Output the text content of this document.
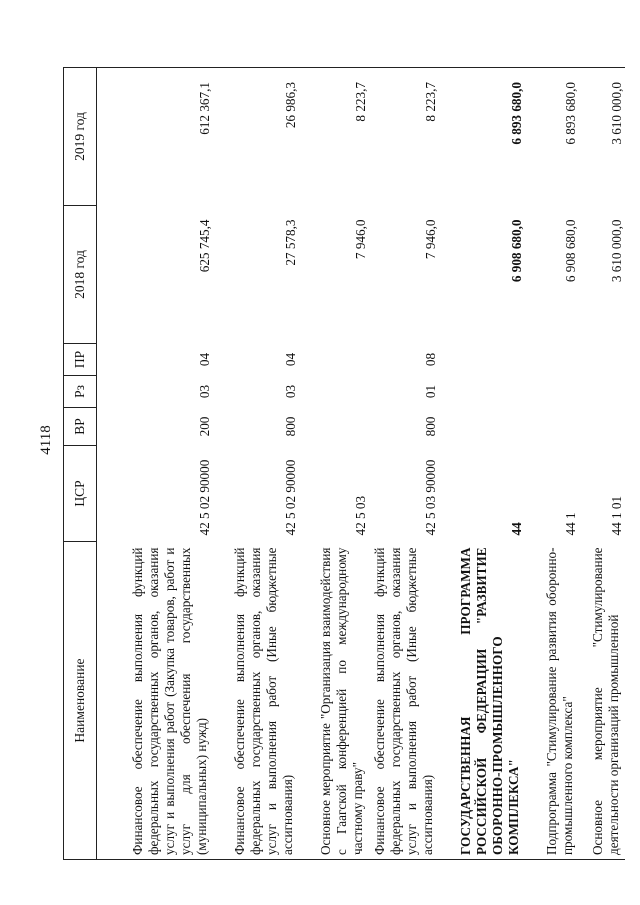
4118
Наименование	ЦСР	ВР	Рз	ПР	2018 год	2019 год
Финансовое обеспечение выполнения функций федеральных государственных органов, оказания услуг и выполнения работ (Закупка товаров, работ и услуг для обеспечения государственных (муниципальных) нужд)	42 5 02 90000	200	03	04	625 745,4	612 367,1
Финансовое обеспечение выполнения функций федеральных государственных органов, оказания услуг и выполнения работ (Иные бюджетные ассигнования)	42 5 02 90000	800	03	04	27 578,3	26 986,3
Основное мероприятие "Организация взаимодействия с Гаагской конференцией по международному частному праву"	42 5 03				7 946,0	8 223,7
Финансовое обеспечение выполнения функций федеральных государственных органов, оказания услуг и выполнения работ (Иные бюджетные ассигнования)	42 5 03 90000	800	01	08	7 946,0	8 223,7
ГОСУДАРСТВЕННАЯ ПРОГРАММА РОССИЙСКОЙ ФЕДЕРАЦИИ "РАЗВИТИЕ ОБОРОННО-ПРОМЫШЛЕННОГО КОМПЛЕКСА"	44				6 908 680,0	6 893 680,0
Подпрограмма "Стимулирование развития оборонно-промышленного комплекса"	44 1				6 908 680,0	6 893 680,0
Основное мероприятие "Стимулирование деятельности организаций промышленной	44 1 01				3 610 000,0	3 610 000,0
